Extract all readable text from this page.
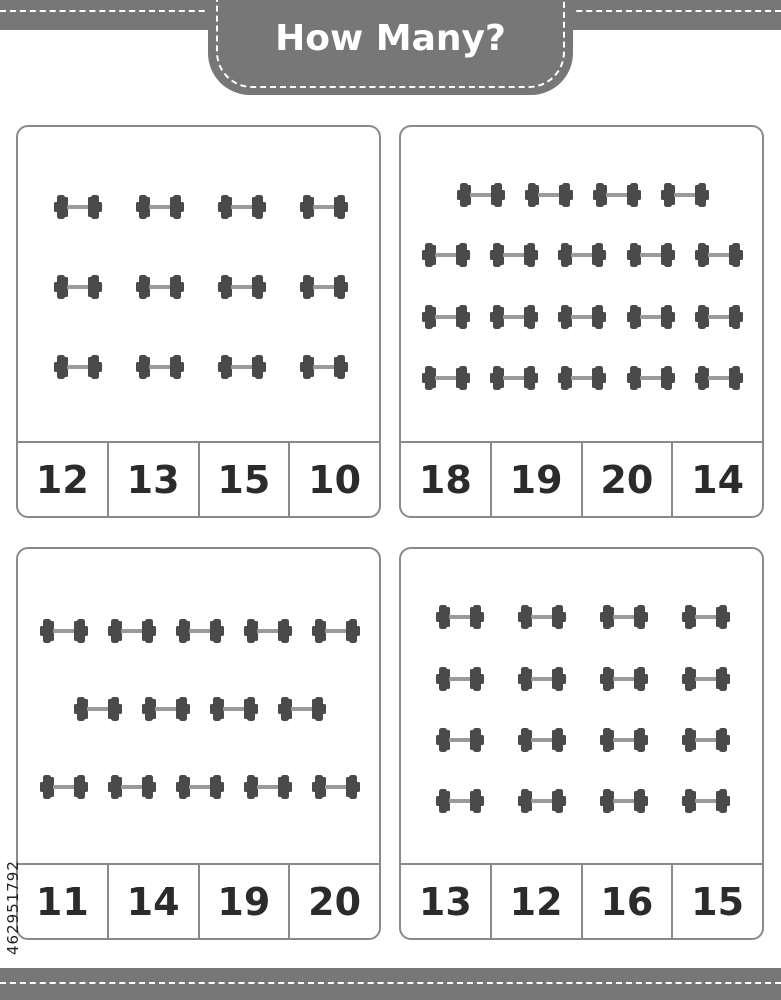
How Many?
12 13 15 10	18 19 20 14
11 14 19 20	13 12 16 15
462951792
